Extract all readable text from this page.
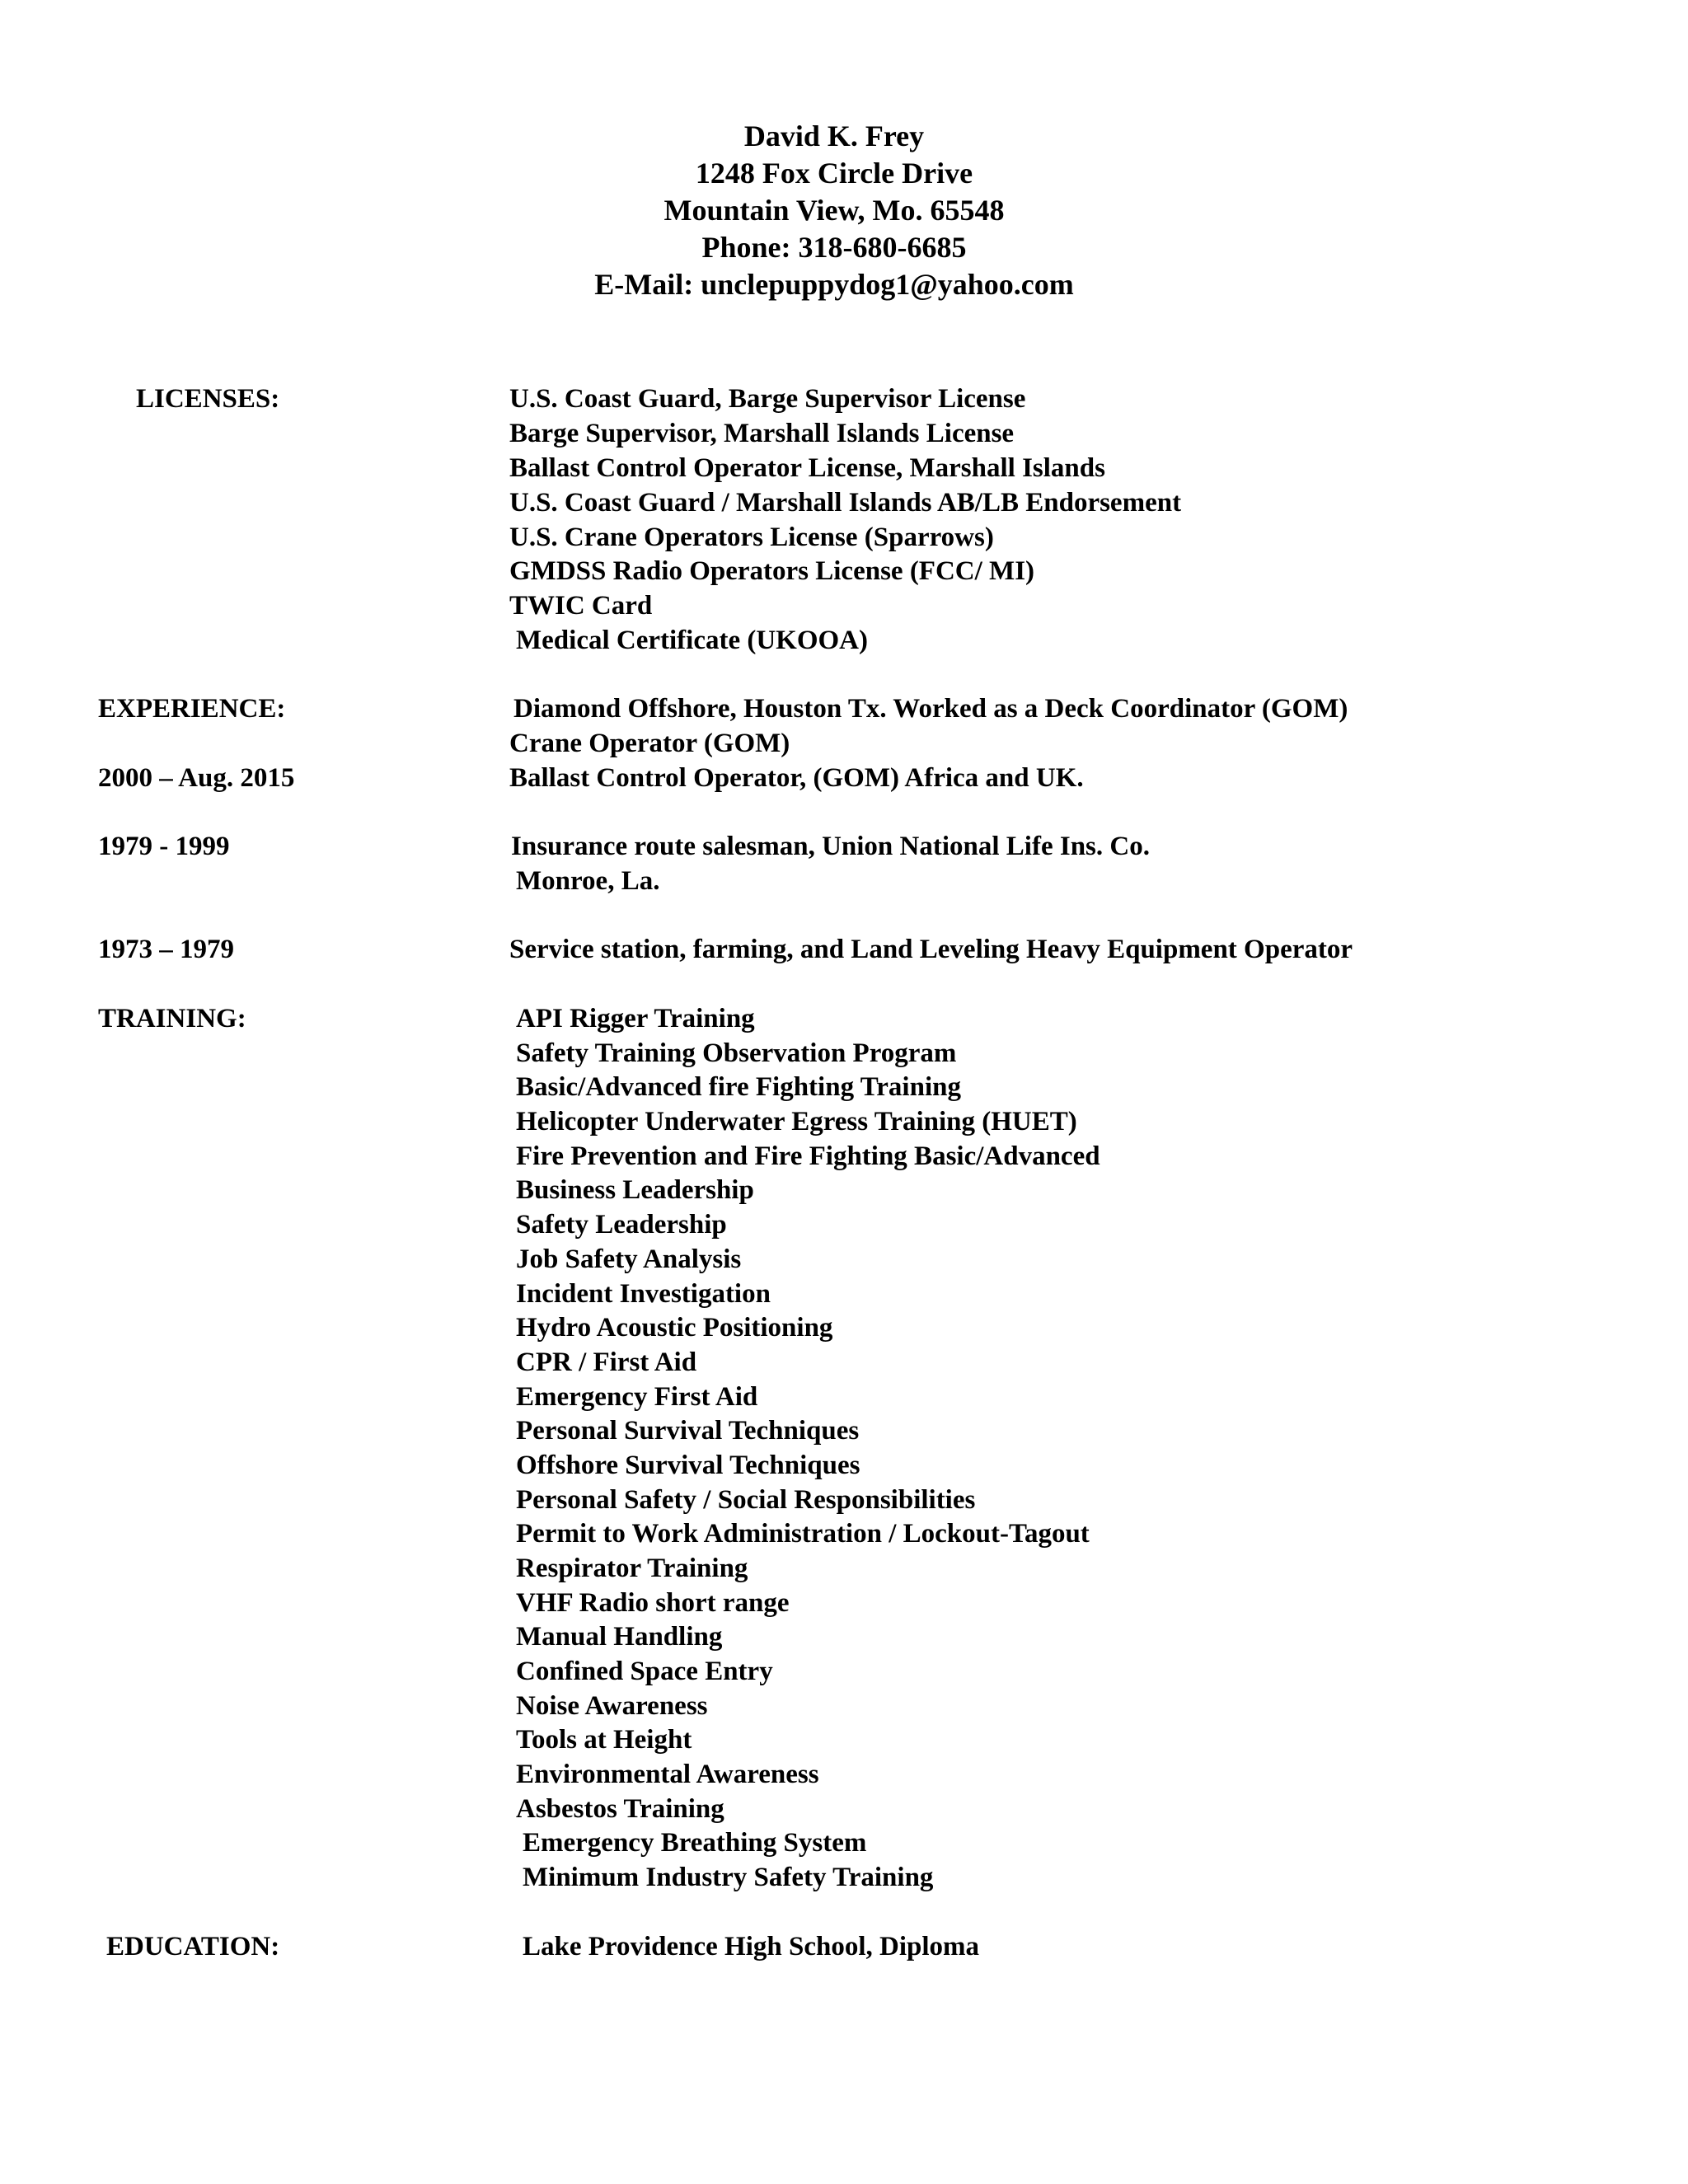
David K. Frey
1248 Fox Circle Drive
Mountain View, Mo. 65548
Phone: 318-680-6685
E-Mail: unclepuppydog1@yahoo.com
LICENSES:	U.S. Coast Guard, Barge Supervisor License
Barge Supervisor, Marshall Islands License
Ballast Control Operator License, Marshall Islands
U.S. Coast Guard / Marshall Islands AB/LB Endorsement
U.S. Crane Operators License (Sparrows)
GMDSS Radio Operators License (FCC/ MI)
TWIC Card
Medical Certificate (UKOOA)
EXPERIENCE:	Diamond Offshore, Houston Tx. Worked as a Deck Coordinator (GOM)
Crane Operator (GOM)
2000 – Aug. 2015	Ballast Control Operator, (GOM) Africa and UK.
1979 - 1999	Insurance route salesman, Union National Life Ins. Co.
Monroe, La.
1973 – 1979	Service station, farming, and Land Leveling Heavy Equipment Operator
TRAINING:	API Rigger Training
Safety Training Observation Program
Basic/Advanced fire Fighting Training
Helicopter Underwater Egress Training (HUET)
Fire Prevention and Fire Fighting Basic/Advanced
Business Leadership
Safety Leadership
Job Safety Analysis
Incident Investigation
Hydro Acoustic Positioning
CPR / First Aid
Emergency First Aid
Personal Survival Techniques
Offshore Survival Techniques
Personal Safety / Social Responsibilities
Permit to Work Administration / Lockout-Tagout
Respirator Training
VHF Radio short range
Manual Handling
Confined Space Entry
Noise Awareness
Tools at Height
Environmental Awareness
Asbestos Training
Emergency Breathing System
Minimum Industry Safety Training
EDUCATION:	Lake Providence High School, Diploma
